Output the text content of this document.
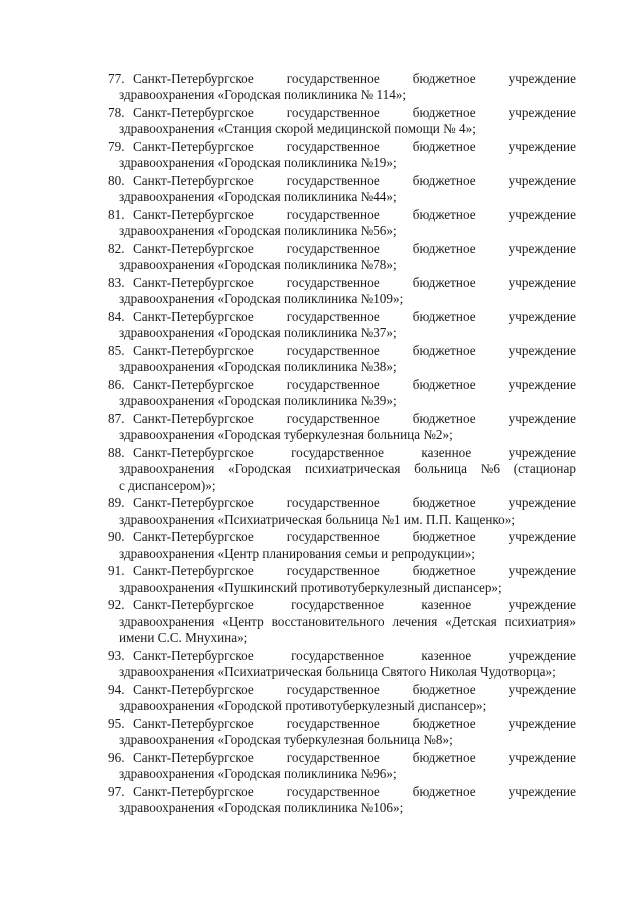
77. Санкт-Петербургское	государственное	бюджетное	учреждение
здравоохранения «Городская поликлиника № 114»;
78. Санкт-Петербургское	государственное	бюджетное	учреждение
здравоохранения «Станция скорой медицинской помощи № 4»;
79. Санкт-Петербургское	государственное	бюджетное	учреждение
здравоохранения «Городская поликлиника №19»;
80. Санкт-Петербургское	государственное	бюджетное	учреждение
здравоохранения «Городская поликлиника №44»;
81. Санкт-Петербургское	государственное	бюджетное	учреждение
здравоохранения «Городская поликлиника №56»;
82. Санкт-Петербургское	государственное	бюджетное	учреждение
здравоохранения «Городская поликлиника №78»;
83. Санкт-Петербургское	государственное	бюджетное	учреждение
здравоохранения «Городская поликлиника №109»;
84. Санкт-Петербургское	государственное	бюджетное	учреждение
здравоохранения «Городская поликлиника №37»;
85. Санкт-Петербургское	государственное	бюджетное	учреждение
здравоохранения «Городская поликлиника №38»;
86. Санкт-Петербургское	государственное	бюджетное	учреждение
здравоохранения «Городская поликлиника №39»;
87. Санкт-Петербургское	государственное	бюджетное	учреждение
здравоохранения «Городская туберкулезная больница №2»;
88. Санкт-Петербургское	государственное	казенное	учреждение
здравоохранения «Городская психиатрическая больница №6 (стационар
с диспансером)»;
89. Санкт-Петербургское	государственное	бюджетное	учреждение
здравоохранения «Психиатрическая больница №1 им. П.П. Кащенко»;
90. Санкт-Петербургское	государственное	бюджетное	учреждение
здравоохранения «Центр планирования семьи и репродукции»;
91. Санкт-Петербургское	государственное	бюджетное	учреждение
здравоохранения «Пушкинский противотуберкулезный диспансер»;
92. Санкт-Петербургское	государственное	казенное	учреждение
здравоохранения «Центр восстановительного лечения «Детская психиатрия»
имени С.С. Мнухина»;
93. Санкт-Петербургское	государственное	казенное	учреждение
здравоохранения «Психиатрическая больница Святого Николая Чудотворца»;
94. Санкт-Петербургское	государственное	бюджетное	учреждение
здравоохранения «Городской противотуберкулезный диспансер»;
95. Санкт-Петербургское	государственное	бюджетное	учреждение
здравоохранения «Городская туберкулезная больница №8»;
96. Санкт-Петербургское	государственное	бюджетное	учреждение
здравоохранения «Городская поликлиника №96»;
97. Санкт-Петербургское	государственное	бюджетное	учреждение
здравоохранения «Городская поликлиника №106»;
